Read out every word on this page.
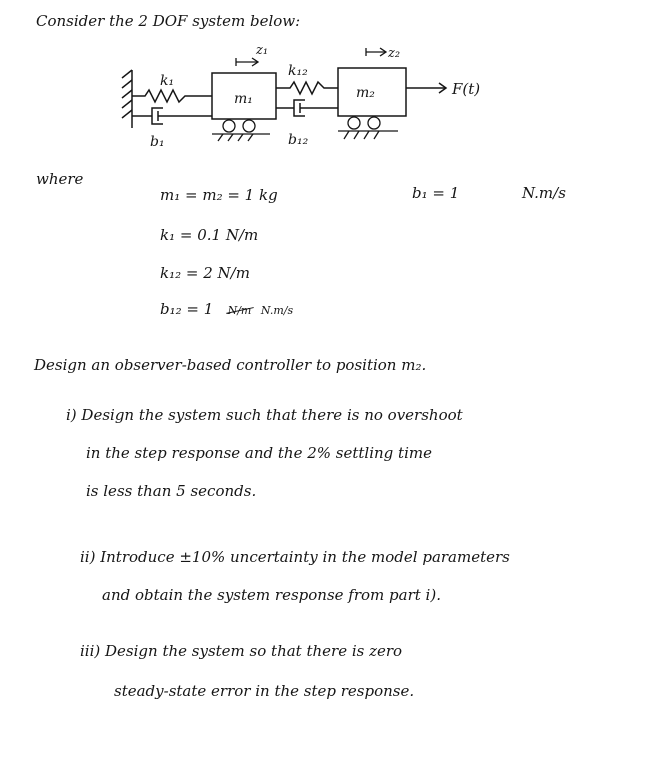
Consider the 2 DOF system below:
z₁	z₂
k₁
k₁₂
m₁	m₂
b₁	b₁₂
F(t)
where
m₁ = m₂ = 1 kg	b₁ = 1	N.m/s
k₁ = 0.1 N/m
k₁₂ = 2 N/m
b₁₂ = 1 N/m N.m/s
Design an observer-based controller to position m₂.
i) Design the system such that there is no overshoot
in the step response and the 2% settling time
is less than 5 seconds.
ii) Introduce ±10% uncertainty in the model parameters
and obtain the system response from part i).
iii) Design the system so that there is zero
steady-state error in the step response.
